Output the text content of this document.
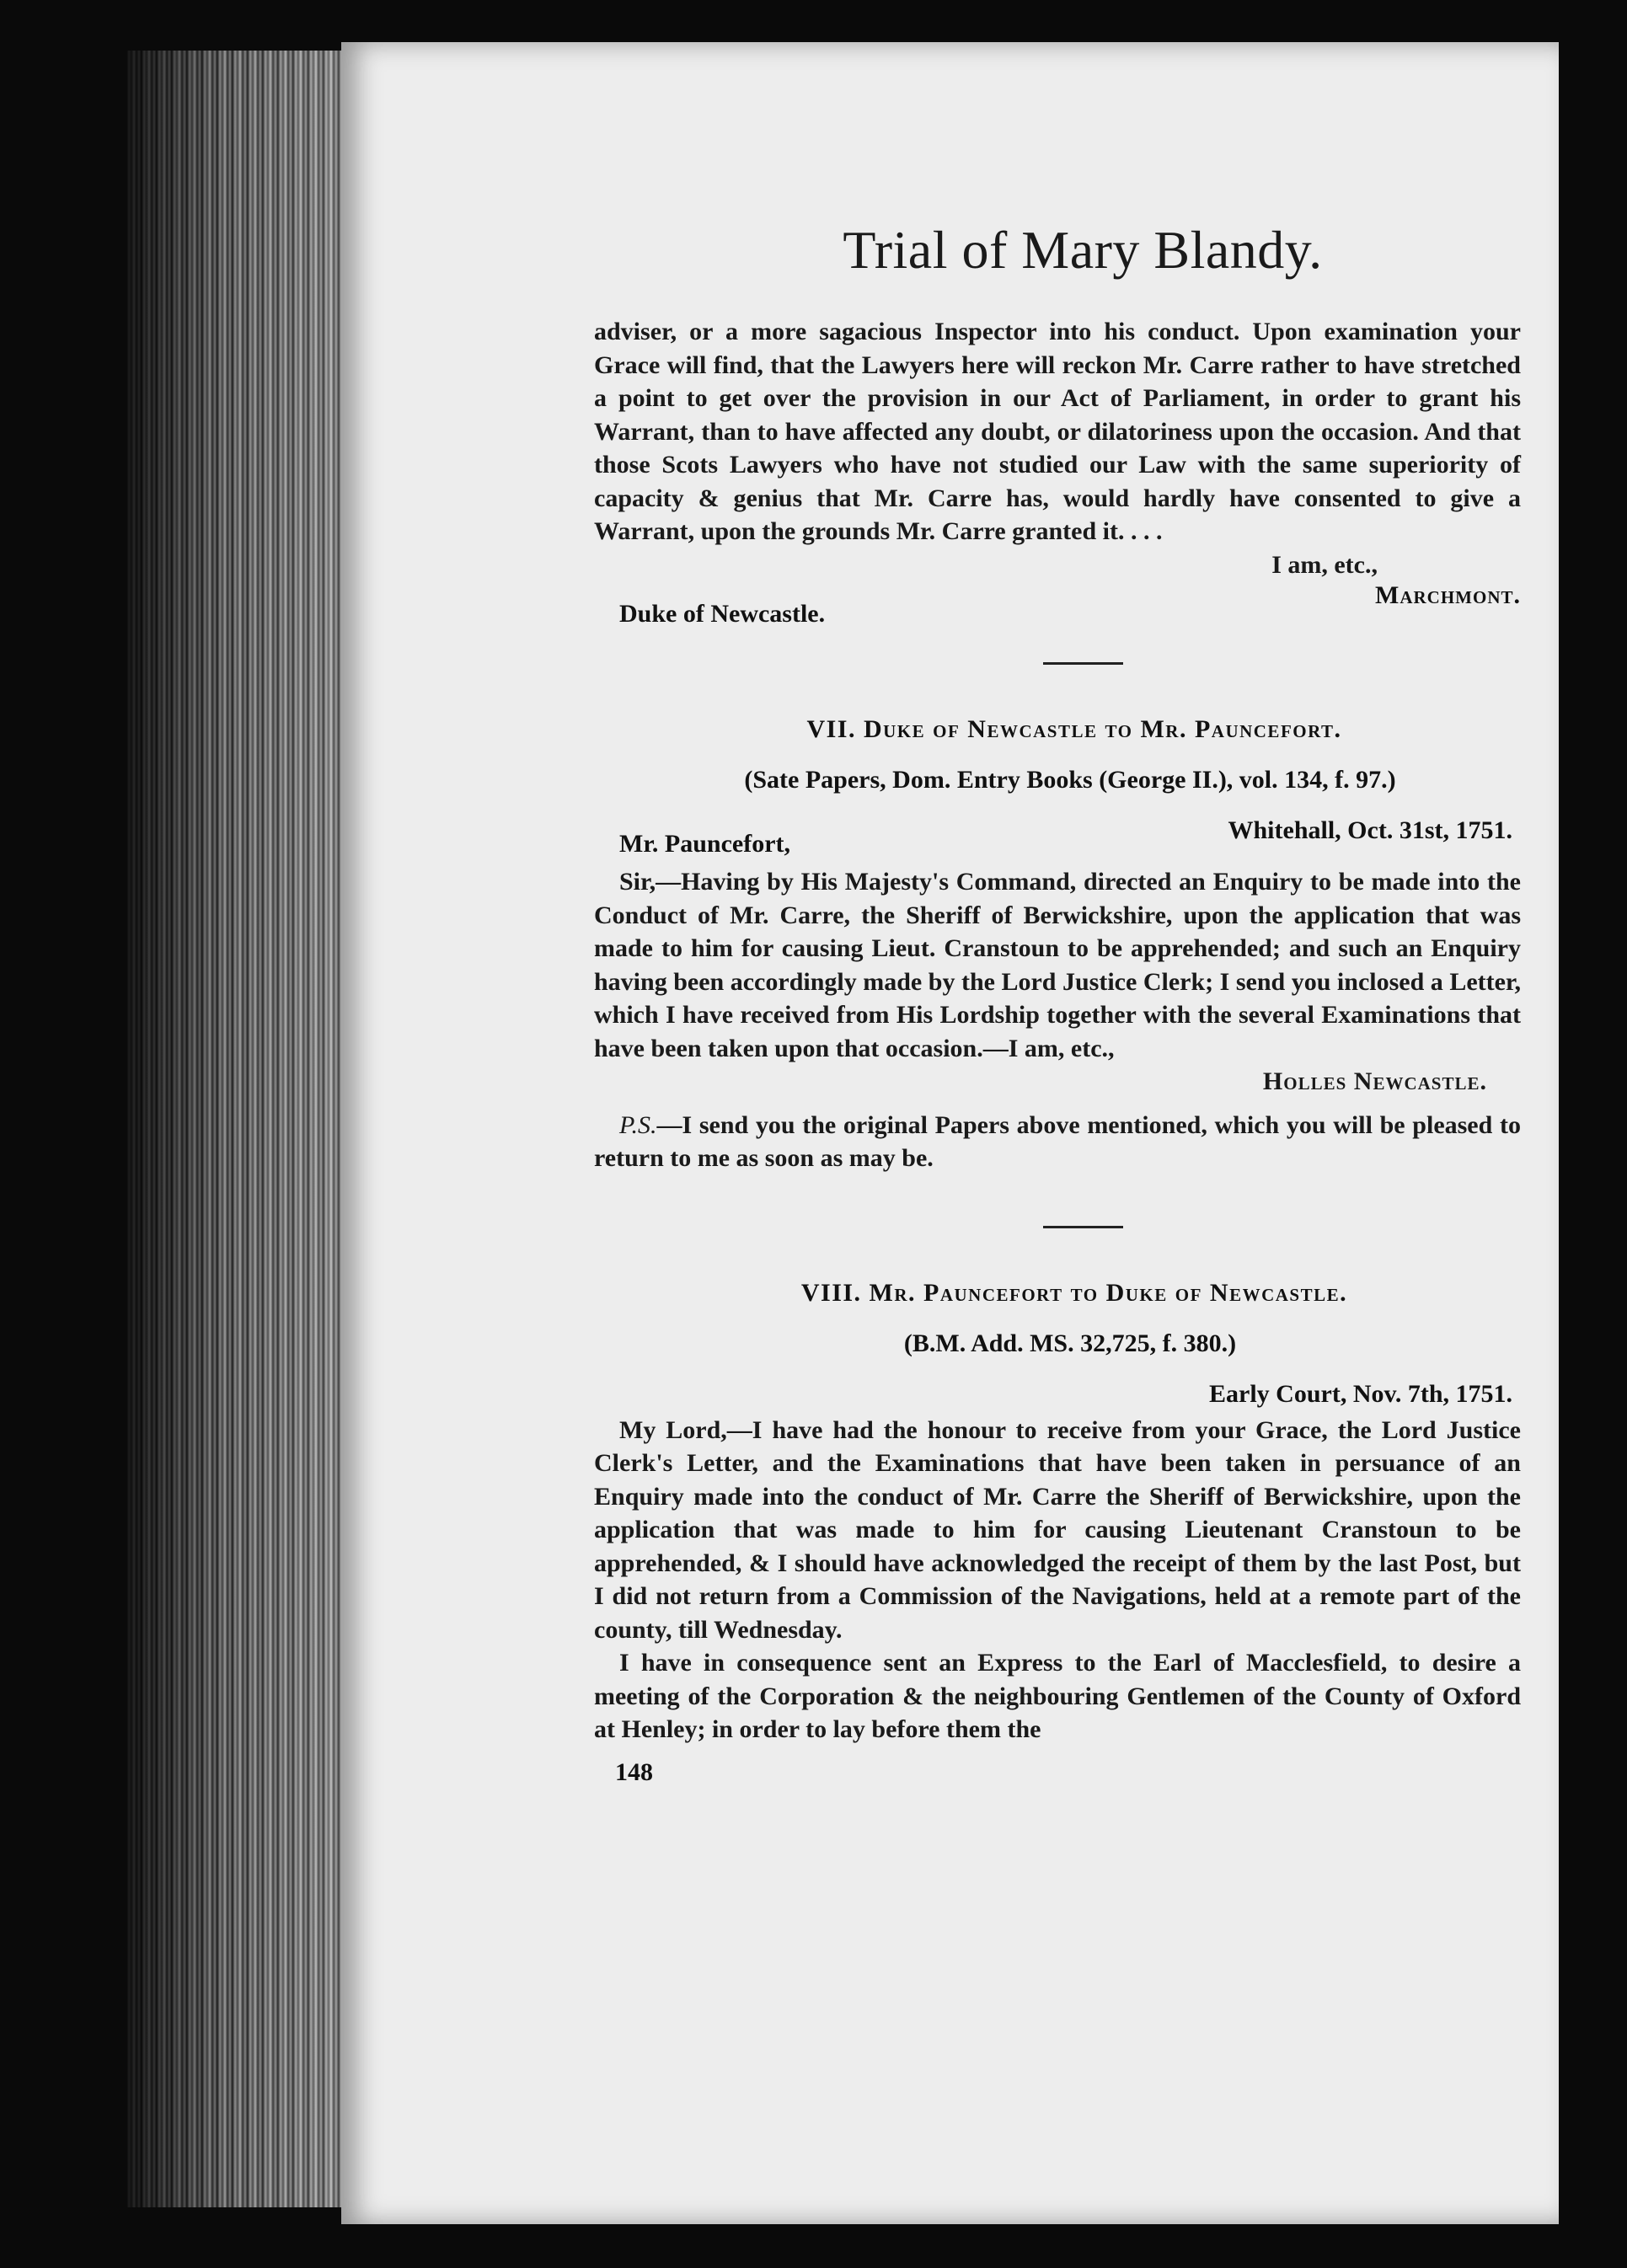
Trial of Mary Blandy.

adviser, or a more sagacious Inspector into his conduct. Upon examination your Grace will find, that the Lawyers here will reckon Mr. Carre rather to have stretched a point to get over the provision in our Act of Parliament, in order to grant his Warrant, than to have affected any doubt, or dilatoriness upon the occasion. And that those Scots Lawyers who have not studied our Law with the same superiority of capacity & genius that Mr. Carre has, would hardly have consented to give a Warrant, upon the grounds Mr. Carre granted it. . . .

I am, etc.,

Marchmont.
Duke of Newcastle.
VII. Duke of Newcastle to Mr. Pauncefort.
(Sate Papers, Dom. Entry Books (George II.), vol. 134, f. 97.)
Whitehall, Oct. 31st, 1751.
Mr. Pauncefort,

Sir,—Having by His Majesty's Command, directed an Enquiry to be made into the Conduct of Mr. Carre, the Sheriff of Berwickshire, upon the application that was made to him for causing Lieut. Cranstoun to be apprehended; and such an Enquiry having been accordingly made by the Lord Justice Clerk; I send you inclosed a Letter, which I have received from His Lordship together with the several Examinations that have been taken upon that occasion.—I am, etc.,

Holles Newcastle.

P.S.—I send you the original Papers above mentioned, which you will be pleased to return to me as soon as may be.

VIII. Mr. Pauncefort to Duke of Newcastle.
(B.M. Add. MS. 32,725, f. 380.)
Early Court, Nov. 7th, 1751.

My Lord,—I have had the honour to receive from your Grace, the Lord Justice Clerk's Letter, and the Examinations that have been taken in persuance of an Enquiry made into the conduct of Mr. Carre the Sheriff of Berwickshire, upon the application that was made to him for causing Lieutenant Cranstoun to be apprehended, & I should have acknowledged the receipt of them by the last Post, but I did not return from a Commission of the Navigations, held at a remote part of the county, till Wednesday.

I have in consequence sent an Express to the Earl of Macclesfield, to desire a meeting of the Corporation & the neighbouring Gentlemen of the County of Oxford at Henley; in order to lay before them the

148
